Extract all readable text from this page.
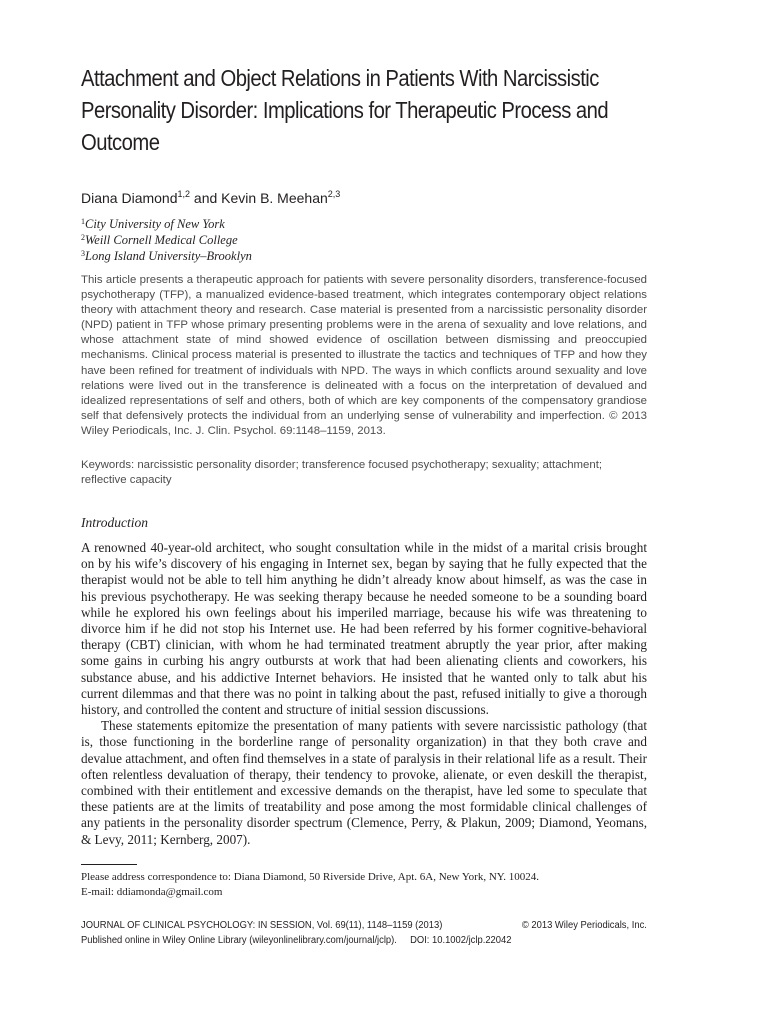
Attachment and Object Relations in Patients With Narcissistic
Personality Disorder: Implications for Therapeutic Process and
Outcome
Diana Diamond$^{1,2}$ and Kevin B. Meehan$^{2,3}$
$^1$City University of New York
$^2$Weill Cornell Medical College
$^3$Long Island University–Brooklyn

This article presents a therapeutic approach for patients with severe personality disorders, transference-focused psychotherapy (TFP), a manualized evidence-based treatment, which integrates contemporary object relations theory with attachment theory and research. Case material is presented from a narcissistic personality disorder (NPD) patient in TFP whose primary presenting problems were in the arena of sexuality and love relations, and whose attachment state of mind showed evidence of oscillation between dismissing and preoccupied mechanisms. Clinical process material is presented to illustrate the tactics and techniques of TFP and how they have been refined for treatment of individuals with NPD. The ways in which conflicts around sexuality and love relations were lived out in the transference is delineated with a focus on the interpretation of devalued and idealized representations of self and others, both of which are key components of the compensatory grandiose self that defensively protects the individual from an underlying sense of vulnerability and imperfection. © 2013 Wiley Periodicals, Inc. J. Clin. Psychol. 69:1148–1159, 2013.

Keywords: narcissistic personality disorder; transference focused psychotherapy; sexuality; attachment; reflective capacity

Introduction

A renowned 40-year-old architect, who sought consultation while in the midst of a marital crisis brought on by his wife’s discovery of his engaging in Internet sex, began by saying that he fully expected that the therapist would not be able to tell him anything he didn’t already know about himself, as was the case in his previous psychotherapy. He was seeking therapy because he needed someone to be a sounding board while he explored his own feelings about his imperiled marriage, because his wife was threatening to divorce him if he did not stop his Internet use. He had been referred by his former cognitive-behavioral therapy (CBT) clinician, with whom he had terminated treatment abruptly the year prior, after making some gains in curbing his angry outbursts at work that had been alienating clients and coworkers, his substance abuse, and his addictive Internet behaviors. He insisted that he wanted only to talk abut his current dilemmas and that there was no point in talking about the past, refused initially to give a thorough history, and controlled the content and structure of initial session discussions.

These statements epitomize the presentation of many patients with severe narcissistic pathology (that is, those functioning in the borderline range of personality organization) in that they both crave and devalue attachment, and often find themselves in a state of paralysis in their relational life as a result. Their often relentless devaluation of therapy, their tendency to provoke, alienate, or even deskill the therapist, combined with their entitlement and excessive demands on the therapist, have led some to speculate that these patients are at the limits of treatability and pose among the most formidable clinical challenges of any patients in the personality disorder spectrum (Clemence, Perry, & Plakun, 2009; Diamond, Yeomans, & Levy, 2011; Kernberg, 2007).

Please address correspondence to: Diana Diamond, 50 Riverside Drive, Apt. 6A, New York, NY. 10024.
E-mail: ddiamonda@gmail.com

JOURNAL OF CLINICAL PSYCHOLOGY: IN SESSION, Vol. 69(11), 1148–1159 (2013)	© 2013 Wiley Periodicals, Inc.
Published online in Wiley Online Library (wileyonlinelibrary.com/journal/jclp). DOI: 10.1002/jclp.22042
